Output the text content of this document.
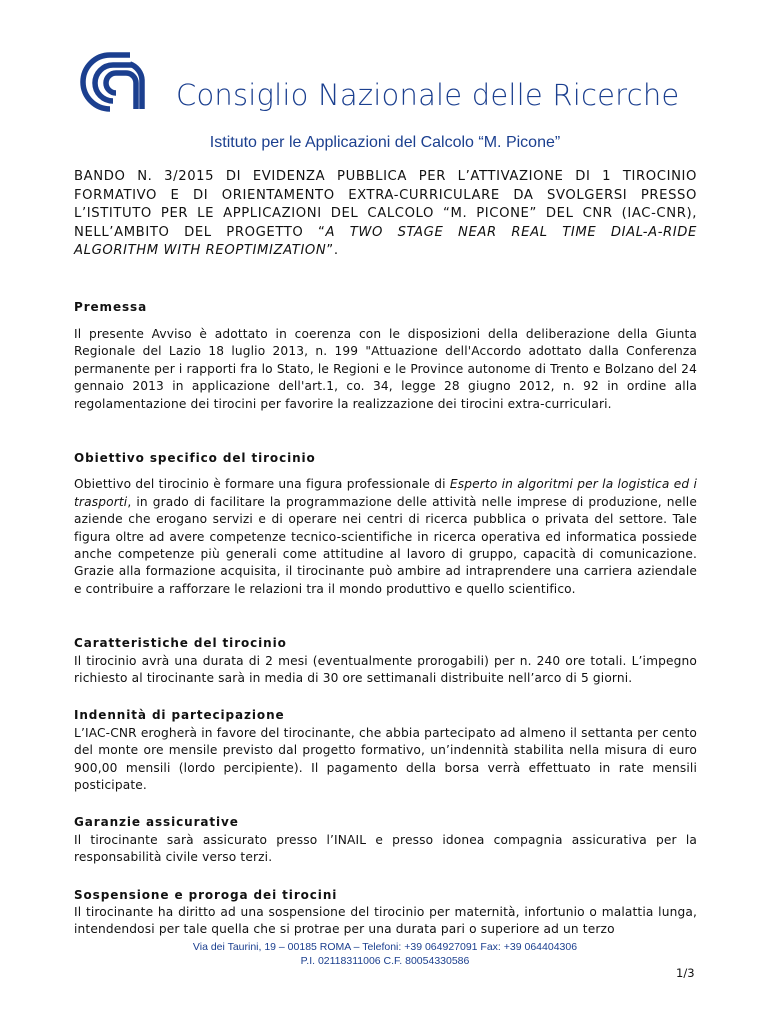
Consiglio Nazionale delle Ricerche
Istituto per le Applicazioni del Calcolo “M. Picone”

BANDO N. 3/2015 DI EVIDENZA PUBBLICA PER L’ATTIVAZIONE DI 1 TIROCINIO FORMATIVO E DI ORIENTAMENTO EXTRA-CURRICULARE DA SVOLGERSI PRESSO L’ISTITUTO PER LE APPLICAZIONI DEL CALCOLO “M. PICONE” DEL CNR (IAC-CNR), NELL’AMBITO DEL PROGETTO “A TWO STAGE NEAR REAL TIME DIAL-A-RIDE ALGORITHM WITH REOPTIMIZATION”.

Premessa

Il presente Avviso è adottato in coerenza con le disposizioni della deliberazione della Giunta Regionale del Lazio 18 luglio 2013, n. 199 "Attuazione dell'Accordo adottato dalla Conferenza permanente per i rapporti fra lo Stato, le Regioni e le Province autonome di Trento e Bolzano del 24 gennaio 2013 in applicazione dell'art.1, co. 34, legge 28 giugno 2012, n. 92 in ordine alla regolamentazione dei tirocini per favorire la realizzazione dei tirocini extra-curriculari.

Obiettivo specifico del tirocinio

Obiettivo del tirocinio è formare una figura professionale di Esperto in algoritmi per la logistica ed i trasporti, in grado di facilitare la programmazione delle attività nelle imprese di produzione, nelle aziende che erogano servizi e di operare nei centri di ricerca pubblica o privata del settore. Tale figura oltre ad avere competenze tecnico-scientifiche in ricerca operativa ed informatica possiede anche competenze più generali come attitudine al lavoro di gruppo, capacità di comunicazione. Grazie alla formazione acquisita, il tirocinante può ambire ad intraprendere una carriera aziendale e contribuire a rafforzare le relazioni tra il mondo produttivo e quello scientifico.

Caratteristiche del tirocinio

Il tirocinio avrà una durata di 2 mesi (eventualmente prorogabili) per n. 240 ore totali. L’impegno richiesto al tirocinante sarà in media di 30 ore settimanali distribuite nell’arco di 5 giorni.

Indennità di partecipazione

L’IAC-CNR erogherà in favore del tirocinante, che abbia partecipato ad almeno il settanta per cento del monte ore mensile previsto dal progetto formativo, un’indennità stabilita nella misura di euro 900,00 mensili (lordo percipiente). Il pagamento della borsa verrà effettuato in rate mensili posticipate.

Garanzie assicurative

Il tirocinante sarà assicurato presso l’INAIL e presso idonea compagnia assicurativa per la responsabilità civile verso terzi.

Sospensione e proroga dei tirocini

Il tirocinante ha diritto ad una sospensione del tirocinio per maternità, infortunio o malattia lunga, intendendosi per tale quella che si protrae per una durata pari o superiore ad un terzo

Via dei Taurini, 19 – 00185 ROMA – Telefoni: +39 064927091 Fax: +39 064404306
P.I. 02118311006 C.F. 80054330586
1/3
